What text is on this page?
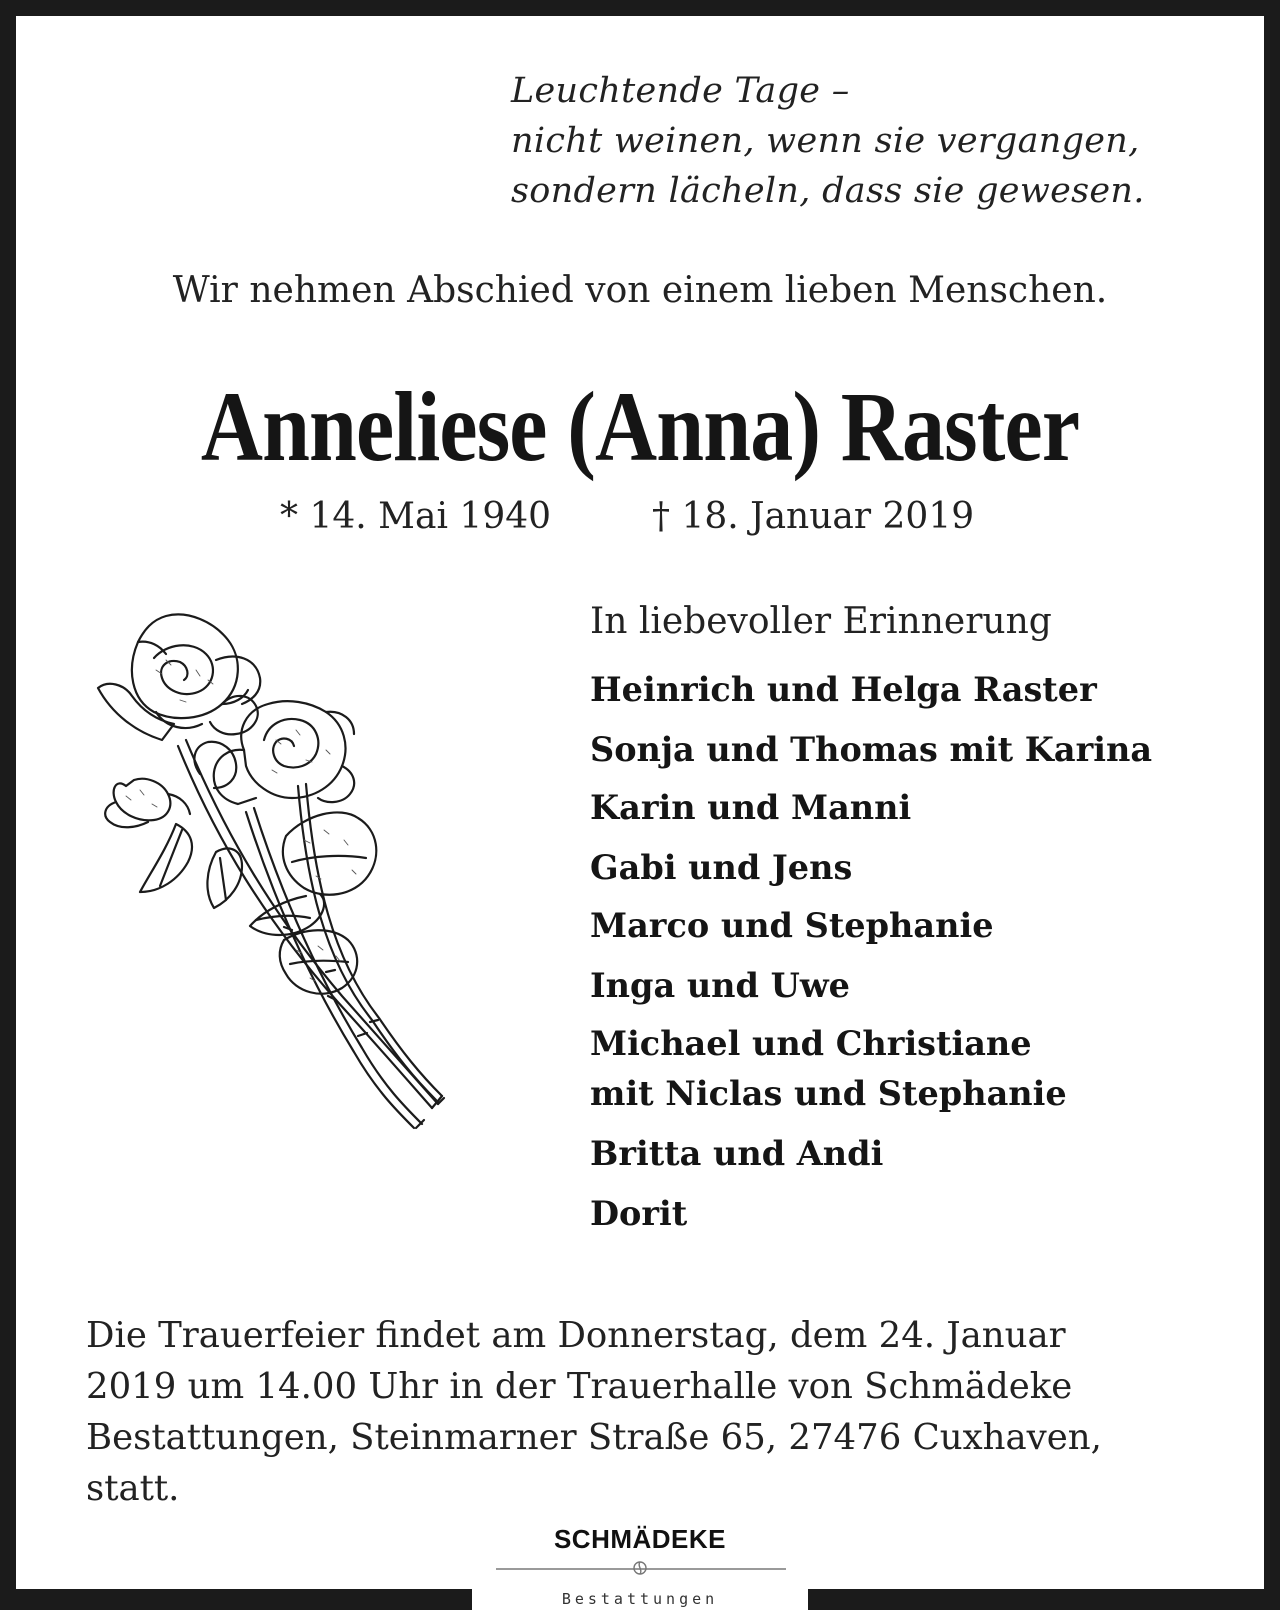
Leuchtende Tage –
nicht weinen, wenn sie vergangen,
sondern lächeln, dass sie gewesen.
Wir nehmen Abschied von einem lieben Menschen.
Anneliese (Anna) Raster
* 14. Mai 1940	† 18. Januar 2019
In liebevoller Erinnerung
Heinrich und Helga Raster
Sonja und Thomas mit Karina
Karin und Manni
Gabi und Jens
Marco und Stephanie
Inga und Uwe
Michael und Christiane
mit Niclas und Stephanie
Britta und Andi
Dorit
Die Trauerfeier findet am Donnerstag, dem 24. Januar
2019 um 14.00 Uhr in der Trauerhalle von Schmädeke
Bestattungen, Steinmarner Straße 65, 27476 Cuxhaven,
statt.
SCHMÄDEKE
Bestattungen
